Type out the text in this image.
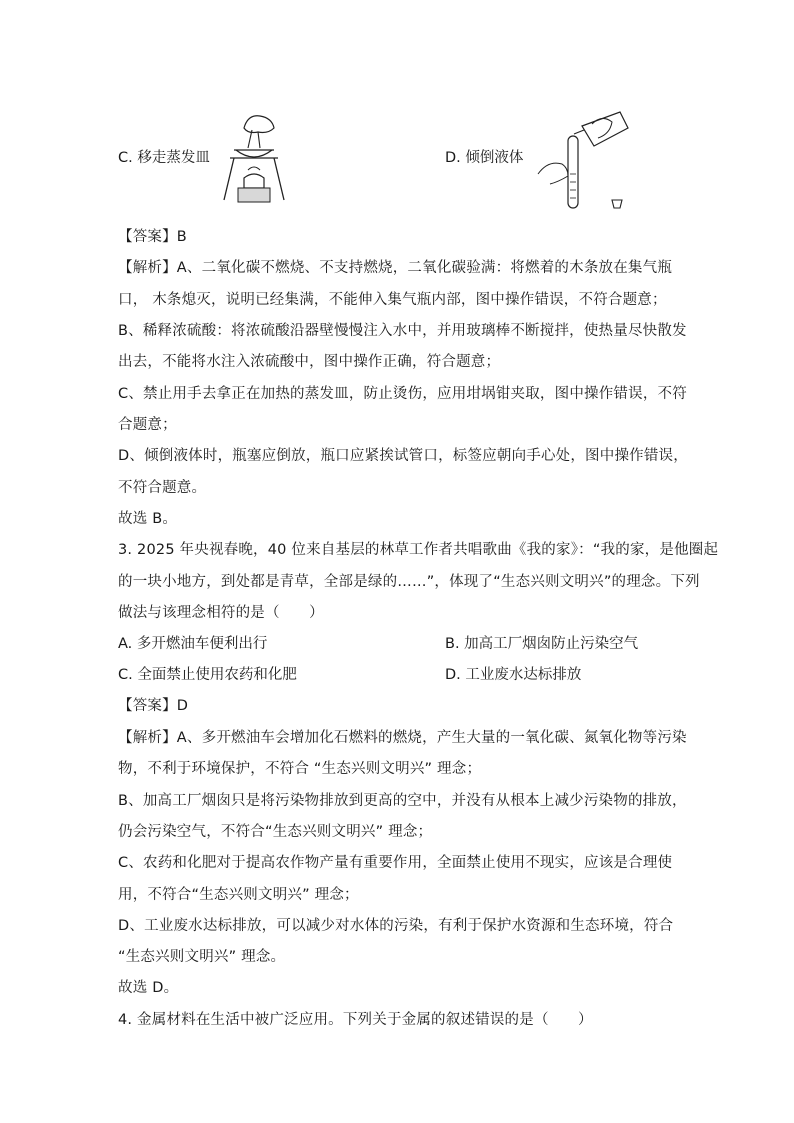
C. 移走蒸发皿	D. 倾倒液体
【答案】B
【解析】A、二氧化碳不燃烧、不支持燃烧，二氧化碳验满：将燃着的木条放在集气瓶
口， 木条熄灭，说明已经集满，不能伸入集气瓶内部，图中操作错误，不符合题意；
B、稀释浓硫酸：将浓硫酸沿器壁慢慢注入水中，并用玻璃棒不断搅拌，使热量尽快散发
出去，不能将水注入浓硫酸中，图中操作正确，符合题意；
C、禁止用手去拿正在加热的蒸发皿，防止烫伤，应用坩埚钳夹取，图中操作错误，不符
合题意；
D、倾倒液体时，瓶塞应倒放，瓶口应紧挨试管口，标签应朝向手心处，图中操作错误，
不符合题意。
故选 B。
3. 2025 年央视春晚，40 位来自基层的林草工作者共唱歌曲《我的家》：“我的家，是他圈起
的一块小地方，到处都是青草，全部是绿的……”，体现了“生态兴则文明兴”的理念。下列
做法与该理念相符的是（　　）
A. 多开燃油车便利出行	B. 加高工厂烟囱防止污染空气
C. 全面禁止使用农药和化肥	D. 工业废水达标排放
【答案】D
【解析】A、多开燃油车会增加化石燃料的燃烧，产生大量的一氧化碳、氮氧化物等污染
物，不利于环境保护，不符合 “生态兴则文明兴” 理念；
B、加高工厂烟囱只是将污染物排放到更高的空中，并没有从根本上减少污染物的排放，
仍会污染空气，不符合“生态兴则文明兴” 理念；
C、农药和化肥对于提高农作物产量有重要作用，全面禁止使用不现实，应该是合理使
用，不符合“生态兴则文明兴” 理念；
D、工业废水达标排放，可以减少对水体的污染，有利于保护水资源和生态环境，符合
“生态兴则文明兴” 理念。
故选 D。
4. 金属材料在生活中被广泛应用。下列关于金属的叙述错误的是（　　）
